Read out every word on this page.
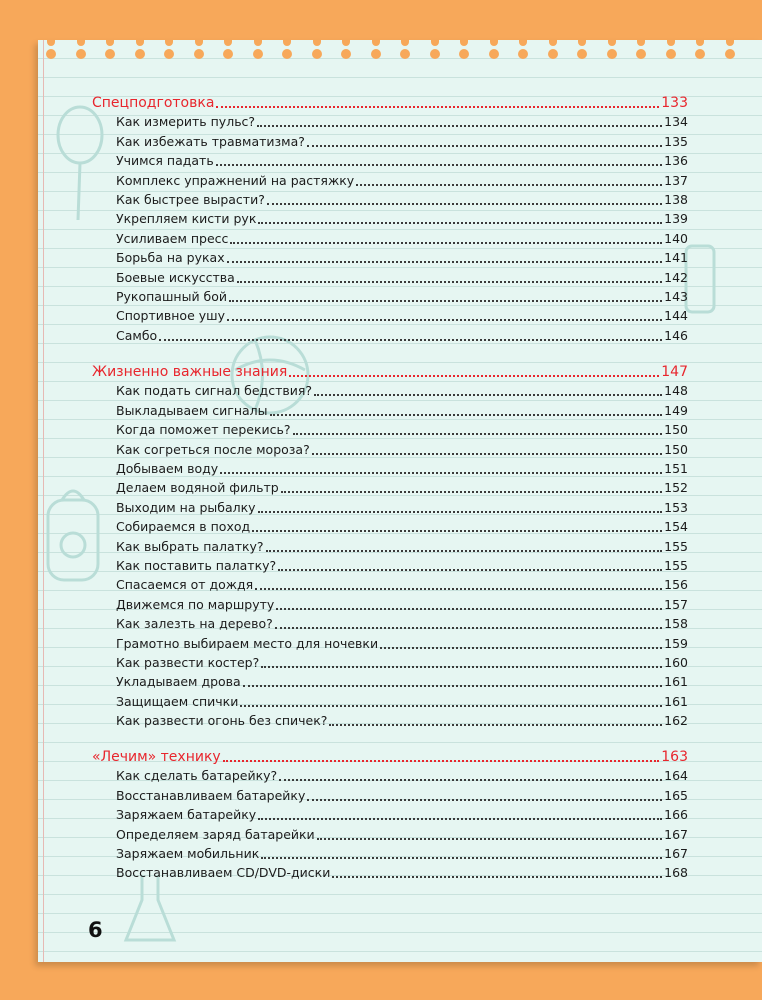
Спецподготовка	133
Как измерить пульс?	134
Как избежать травматизма?	135
Учимся падать	136
Комплекс упражнений на растяжку	137
Как быстрее вырасти?	138
Укрепляем кисти рук	139
Усиливаем пресс	140
Борьба на руках	141
Боевые искусства	142
Рукопашный бой	143
Спортивное ушу	144
Самбо	146
Жизненно важные знания	147
Как подать сигнал бедствия?	148
Выкладываем сигналы	149
Когда поможет перекись?	150
Как согреться после мороза?	150
Добываем воду	151
Делаем водяной фильтр	152
Выходим на рыбалку	153
Собираемся в поход	154
Как выбрать палатку?	155
Как поставить палатку?	155
Спасаемся от дождя	156
Движемся по маршруту	157
Как залезть на дерево?	158
Грамотно выбираем место для ночевки	159
Как развести костер?	160
Укладываем дрова	161
Защищаем спички	161
Как развести огонь без спичек?	162
«Лечим» технику	163
Как сделать батарейку?	164
Восстанавливаем батарейку	165
Заряжаем батарейку	166
Определяем заряд батарейки	167
Заряжаем мобильник	167
Восстанавливаем CD/DVD-диски	168
6
